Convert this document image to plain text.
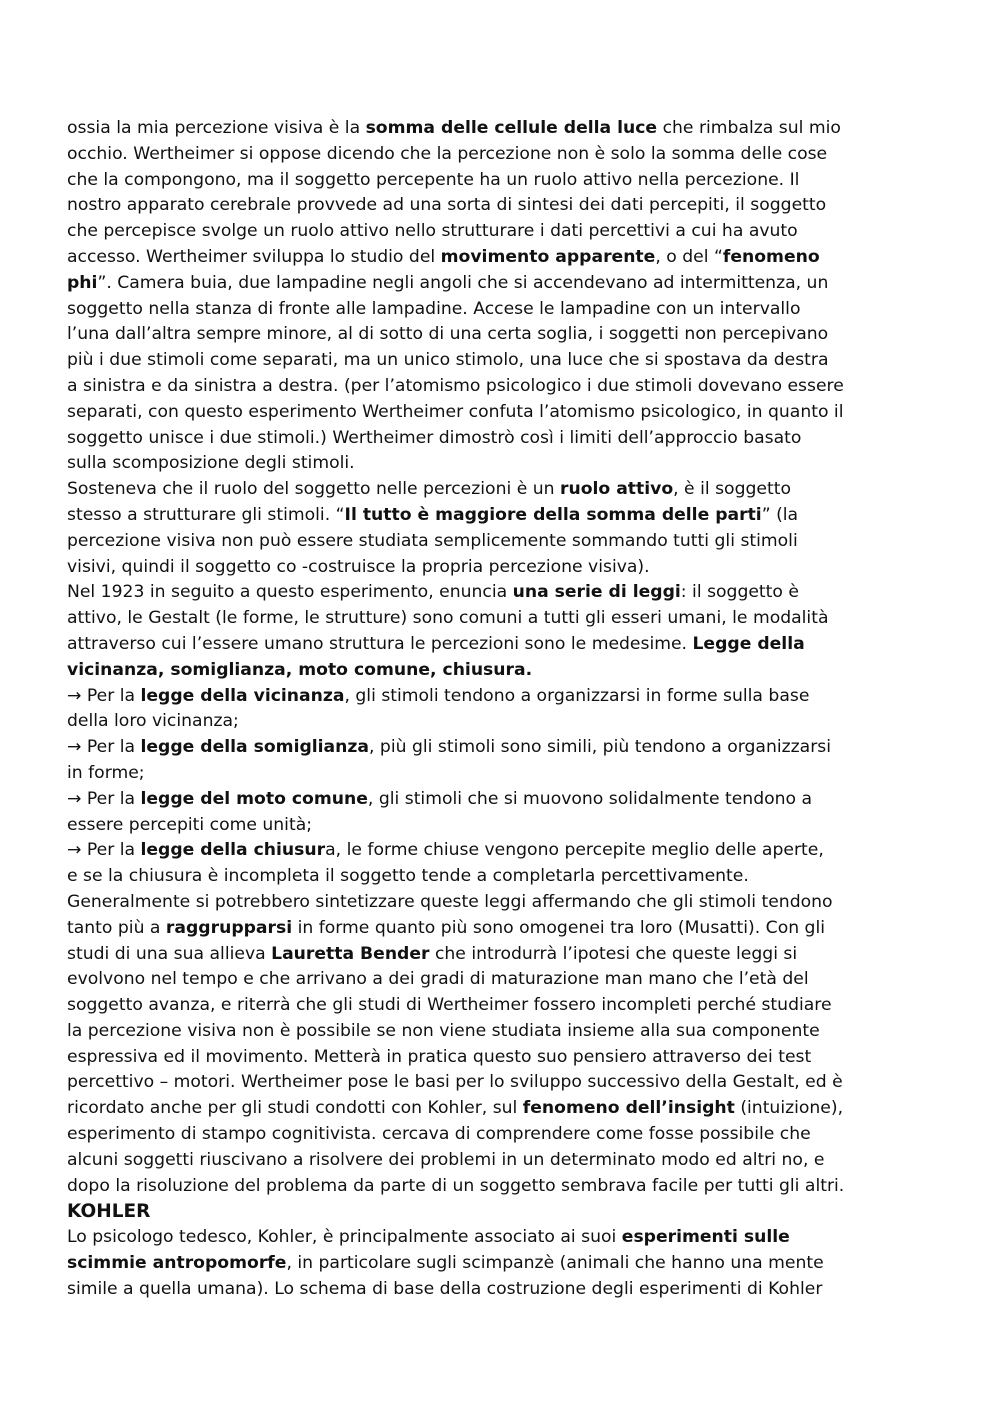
ossia la mia percezione visiva è la somma delle cellule della luce che rimbalza sul mio
occhio. Wertheimer si oppose dicendo che la percezione non è solo la somma delle cose
che la compongono, ma il soggetto percepente ha un ruolo attivo nella percezione. Il
nostro apparato cerebrale provvede ad una sorta di sintesi dei dati percepiti, il soggetto
che percepisce svolge un ruolo attivo nello strutturare i dati percettivi a cui ha avuto
accesso. Wertheimer sviluppa lo studio del movimento apparente, o del “fenomeno
phi”. Camera buia, due lampadine negli angoli che si accendevano ad intermittenza, un
soggetto nella stanza di fronte alle lampadine. Accese le lampadine con un intervallo
l’una dall’altra sempre minore, al di sotto di una certa soglia, i soggetti non percepivano
più i due stimoli come separati, ma un unico stimolo, una luce che si spostava da destra
a sinistra e da sinistra a destra. (per l’atomismo psicologico i due stimoli dovevano essere
separati, con questo esperimento Wertheimer confuta l’atomismo psicologico, in quanto il
soggetto unisce i due stimoli.) Wertheimer dimostrò così i limiti dell’approccio basato
sulla scomposizione degli stimoli.
Sosteneva che il ruolo del soggetto nelle percezioni è un ruolo attivo, è il soggetto
stesso a strutturare gli stimoli. “Il tutto è maggiore della somma delle parti” (la
percezione visiva non può essere studiata semplicemente sommando tutti gli stimoli
visivi, quindi il soggetto co -costruisce la propria percezione visiva).
Nel 1923 in seguito a questo esperimento, enuncia una serie di leggi: il soggetto è
attivo, le Gestalt (le forme, le strutture) sono comuni a tutti gli esseri umani, le modalità
attraverso cui l’essere umano struttura le percezioni sono le medesime. Legge della
vicinanza, somiglianza, moto comune, chiusura.
→ Per la legge della vicinanza, gli stimoli tendono a organizzarsi in forme sulla base
della loro vicinanza;
→ Per la legge della somiglianza, più gli stimoli sono simili, più tendono a organizzarsi
in forme;
→ Per la legge del moto comune, gli stimoli che si muovono solidalmente tendono a
essere percepiti come unità;
→ Per la legge della chiusura, le forme chiuse vengono percepite meglio delle aperte,
e se la chiusura è incompleta il soggetto tende a completarla percettivamente.
Generalmente si potrebbero sintetizzare queste leggi affermando che gli stimoli tendono
tanto più a raggrupparsi in forme quanto più sono omogenei tra loro (Musatti). Con gli
studi di una sua allieva Lauretta Bender che introdurrà l’ipotesi che queste leggi si
evolvono nel tempo e che arrivano a dei gradi di maturazione man mano che l’età del
soggetto avanza, e riterrà che gli studi di Wertheimer fossero incompleti perché studiare
la percezione visiva non è possibile se non viene studiata insieme alla sua componente
espressiva ed il movimento. Metterà in pratica questo suo pensiero attraverso dei test
percettivo – motori. Wertheimer pose le basi per lo sviluppo successivo della Gestalt, ed è
ricordato anche per gli studi condotti con Kohler, sul fenomeno dell’insight (intuizione),
esperimento di stampo cognitivista. cercava di comprendere come fosse possibile che
alcuni soggetti riuscivano a risolvere dei problemi in un determinato modo ed altri no, e
dopo la risoluzione del problema da parte di un soggetto sembrava facile per tutti gli altri.
KOHLER
Lo psicologo tedesco, Kohler, è principalmente associato ai suoi esperimenti sulle
scimmie antropomorfe, in particolare sugli scimpanzè (animali che hanno una mente
simile a quella umana). Lo schema di base della costruzione degli esperimenti di Kohler
